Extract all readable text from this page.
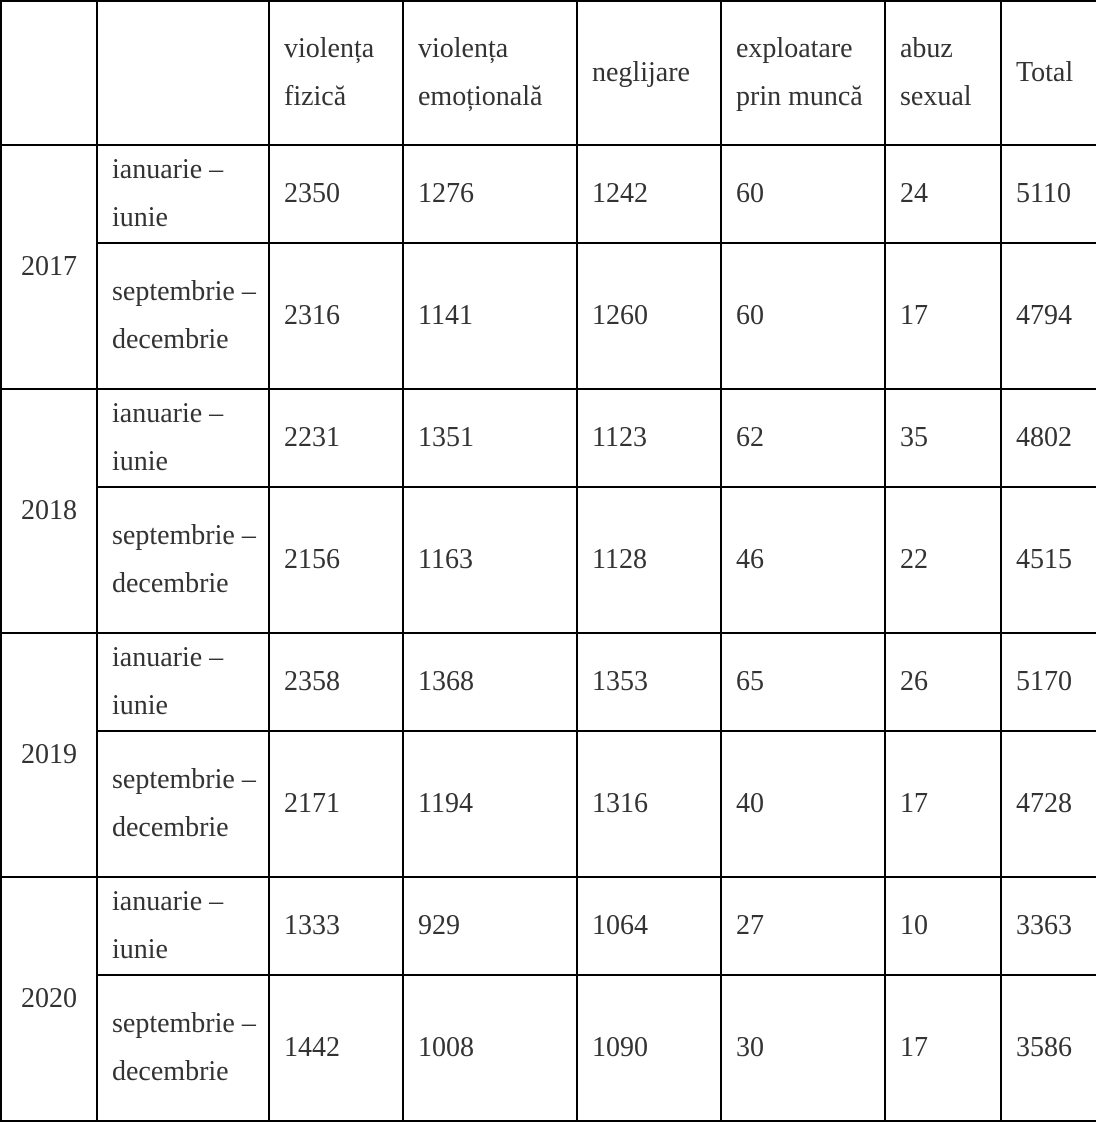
		violența fizică	violența emoțională	neglijare	exploatare prin muncă	abuz sexual	Total
2017	ianuarie – iunie	2350	1276	1242	60	24	5110
	septembrie – decembrie	2316	1141	1260	60	17	4794
2018	ianuarie – iunie	2231	1351	1123	62	35	4802
	septembrie – decembrie	2156	1163	1128	46	22	4515
2019	ianuarie – iunie	2358	1368	1353	65	26	5170
	septembrie – decembrie	2171	1194	1316	40	17	4728
2020	ianuarie – iunie	1333	929	1064	27	10	3363
	septembrie – decembrie	1442	1008	1090	30	17	3586
